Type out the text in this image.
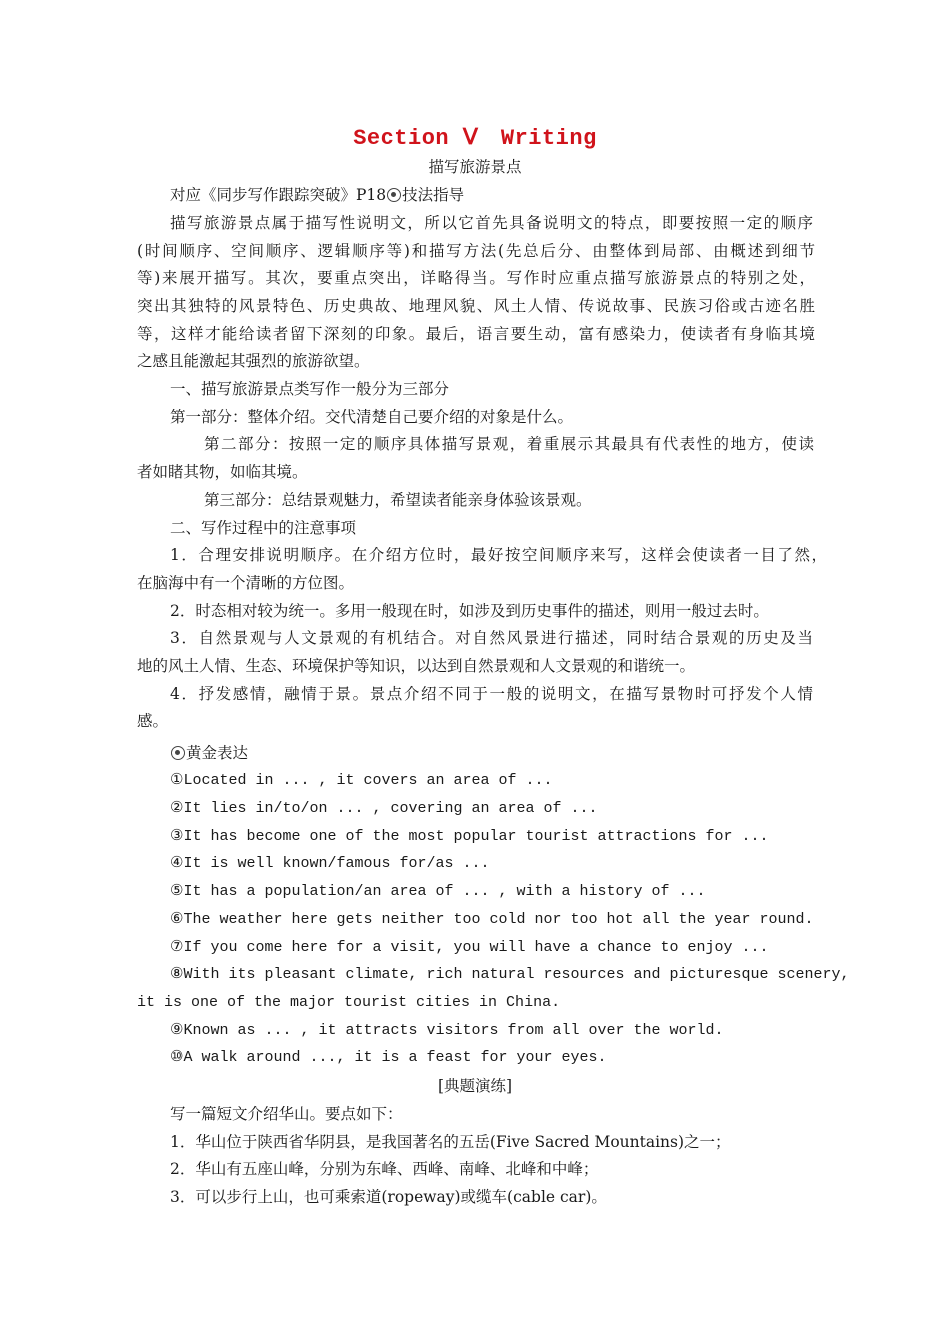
Section Ⅴ　Writing
描写旅游景点
对应《同步写作跟踪突破》P18 技法指导
描写旅游景点属于描写性说明文，所以它首先具备说明文的特点，即要按照一定的顺序
(时间顺序、空间顺序、逻辑顺序等)和描写方法(先总后分、由整体到局部、由概述到细节
等)来展开描写。其次，要重点突出，详略得当。写作时应重点描写旅游景点的特别之处，
突出其独特的风景特色、历史典故、地理风貌、风土人情、传说故事、民族习俗或古迹名胜
等，这样才能给读者留下深刻的印象。最后，语言要生动，富有感染力，使读者有身临其境
之感且能激起其强烈的旅游欲望。
一、描写旅游景点类写作一般分为三部分
第一部分：整体介绍。交代清楚自己要介绍的对象是什么。
第二部分：按照一定的顺序具体描写景观，着重展示其最具有代表性的地方，使读
者如睹其物，如临其境。
第三部分：总结景观魅力，希望读者能亲身体验该景观。
二、写作过程中的注意事项
1．合理安排说明顺序。在介绍方位时，最好按空间顺序来写，这样会使读者一目了然，
在脑海中有一个清晰的方位图。
2．时态相对较为统一。多用一般现在时，如涉及到历史事件的描述，则用一般过去时。
3．自然景观与人文景观的有机结合。对自然风景进行描述，同时结合景观的历史及当
地的风土人情、生态、环境保护等知识，以达到自然景观和人文景观的和谐统一。
4．抒发感情，融情于景。景点介绍不同于一般的说明文，在描写景物时可抒发个人情
感。
黄金表达
①Located in ... , it covers an area of ...
②It lies in/to/on ... , covering an area of ...
③It has become one of the most popular tourist attractions for ...
④It is well known/famous for/as ...
⑤It has a population/an area of ... , with a history of ...
⑥The weather here gets neither too cold nor too hot all the year round.
⑦If you come here for a visit, you will have a chance to enjoy ...
⑧With its pleasant climate, rich natural resources and picturesque scenery,
it is one of the major tourist cities in China.
⑨Known as ... , it attracts visitors from all over the world.
⑩A walk around ..., it is a feast for your eyes.
[典题演练]
写一篇短文介绍华山。要点如下：
1．华山位于陕西省华阴县，是我国著名的五岳(Five Sacred Mountains)之一；
2．华山有五座山峰，分别为东峰、西峰、南峰、北峰和中峰；
3．可以步行上山，也可乘索道(ropeway)或缆车(cable car)。
